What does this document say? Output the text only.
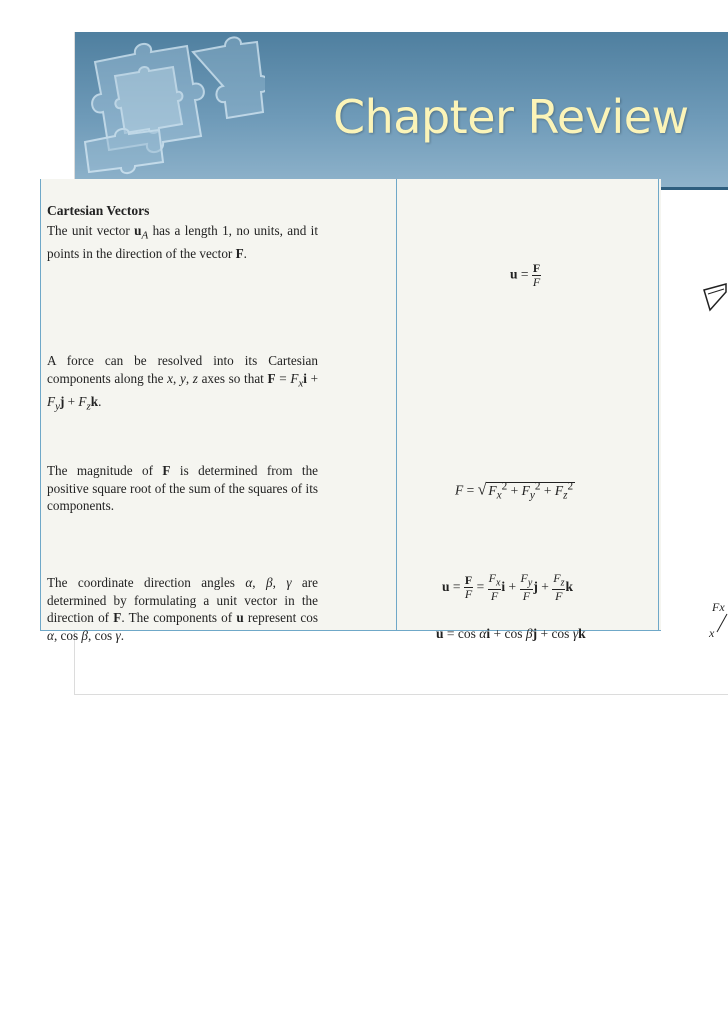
Chapter Review
Cartesian Vectors
The unit vector $u_A$ has a length 1, no units, and it points in the direction of the vector F.
$u = \frac{F}{F}$
A force can be resolved into its Cartesian components along the x, y, z axes so that $F = F_xi + F_yj + F_zk$.
The magnitude of F is determined from the positive square root of the sum of the squares of its components.
F = √ $F_x^2 + F_y^2 + F_z^2$
The coordinate direction angles α, β, γ are determined by formulating a unit vector in the direction of F. The components of u represent cos α, cos β, cos γ.
$u = \frac{F}{F} = \frac{F_x}{F}$ $i + \frac{F_y}{F}$ $j + \frac{F_z}{F}$ k
u = cos αi + cos βj + cos γk
Fx
x
